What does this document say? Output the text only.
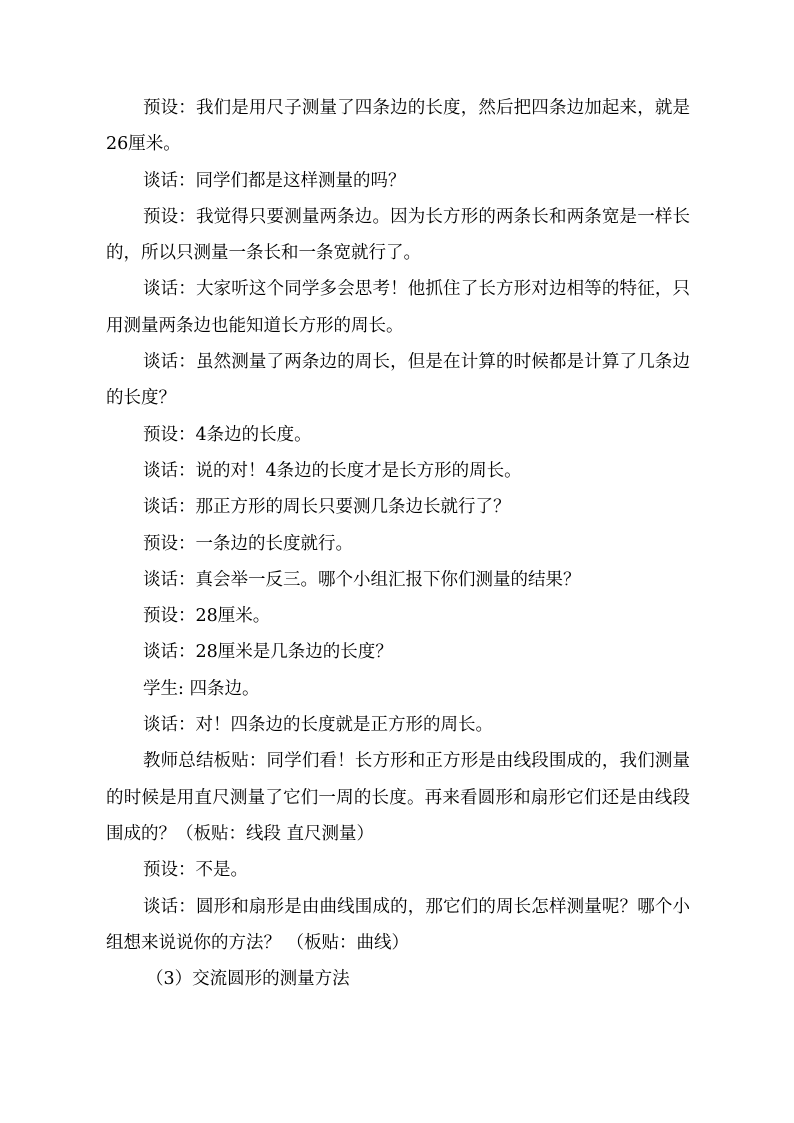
预设：我们是用尺子测量了四条边的长度，然后把四条边加起来，就是26厘米。

谈话：同学们都是这样测量的吗？

预设：我觉得只要测量两条边。因为长方形的两条长和两条宽是一样长的，所以只测量一条长和一条宽就行了。

谈话：大家听这个同学多会思考！他抓住了长方形对边相等的特征，只用测量两条边也能知道长方形的周长。

谈话：虽然测量了两条边的周长，但是在计算的时候都是计算了几条边的长度？

预设：4条边的长度。

谈话：说的对！4条边的长度才是长方形的周长。

谈话：那正方形的周长只要测几条边长就行了？

预设：一条边的长度就行。

谈话：真会举一反三。哪个小组汇报下你们测量的结果？

预设：28厘米。

谈话：28厘米是几条边的长度？

学生: 四条边。

谈话：对！四条边的长度就是正方形的周长。

教师总结板贴：同学们看！长方形和正方形是由线段围成的，我们测量的时候是用直尺测量了它们一周的长度。再来看圆形和扇形它们还是由线段围成的？（板贴：线段 直尺测量）

预设：不是。

谈话：圆形和扇形是由曲线围成的，那它们的周长怎样测量呢？哪个小组想来说说你的方法？ （板贴：曲线）

（3）交流圆形的测量方法
